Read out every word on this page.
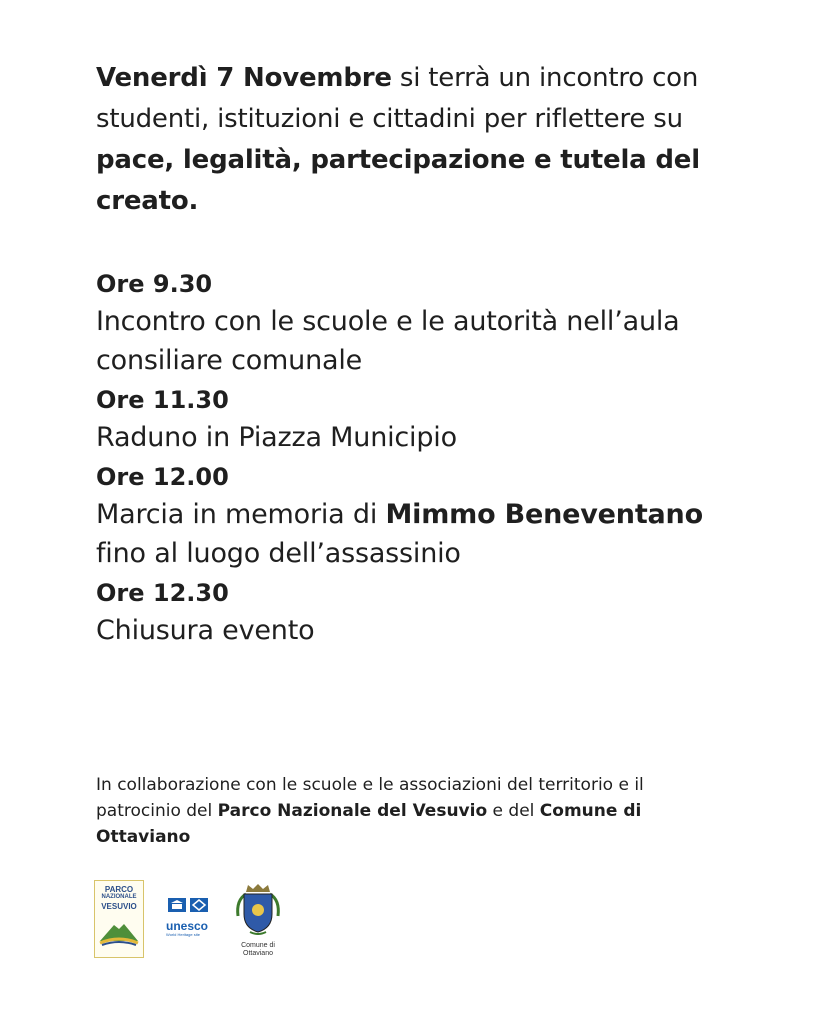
Venerdì 7 Novembre si terrà un incontro con studenti, istituzioni e cittadini per riflettere su pace, legalità, partecipazione e tutela del creato.

Ore 9.30

Incontro con le scuole e le autorità nell’aula consiliare comunale

Ore 11.30

Raduno in Piazza Municipio

Ore 12.00

Marcia in memoria di Mimmo Beneventano fino al luogo dell’assassinio

Ore 12.30

Chiusura evento

In collaborazione con le scuole e le associazioni del territorio e il patrocinio del Parco Nazionale del Vesuvio e del Comune di Ottaviano

PARCO
NAZIONALE
VESUVIO
unesco
World Heritage site
Comune di Ottaviano
